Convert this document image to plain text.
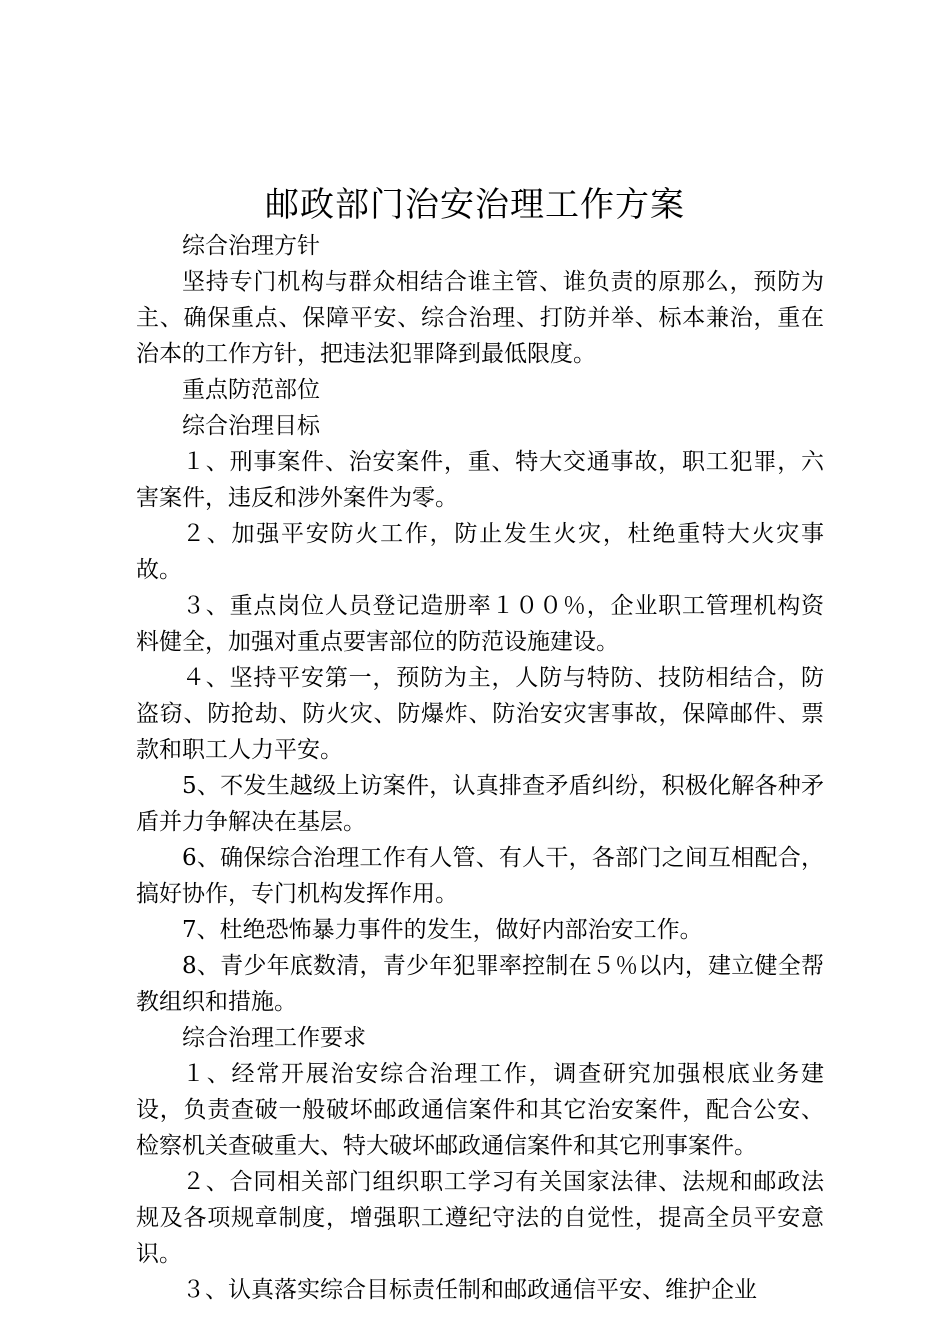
邮政部门治安治理工作方案

综合治理方针

坚持专门机构与群众相结合谁主管、谁负责的原那么，预防为主、确保重点、保障平安、综合治理、打防并举、标本兼治，重在治本的工作方针，把违法犯罪降到最低限度。

重点防范部位

综合治理目标

１、刑事案件、治安案件，重、特大交通事故，职工犯罪，六害案件，违反和涉外案件为零。

２、加强平安防火工作，防止发生火灾，杜绝重特大火灾事故。

３、重点岗位人员登记造册率１００％，企业职工管理机构资料健全，加强对重点要害部位的防范设施建设。

４、坚持平安第一，预防为主，人防与特防、技防相结合，防盗窃、防抢劫、防火灾、防爆炸、防治安灾害事故，保障邮件、票款和职工人力平安。

5、不发生越级上访案件，认真排查矛盾纠纷，积极化解各种矛盾并力争解决在基层。

6、确保综合治理工作有人管、有人干，各部门之间互相配合，搞好协作，专门机构发挥作用。

7、杜绝恐怖暴力事件的发生，做好内部治安工作。

8、青少年底数清，青少年犯罪率控制在５％以内，建立健全帮教组织和措施。

综合治理工作要求

１、经常开展治安综合治理工作，调查研究加强根底业务建设，负责查破一般破坏邮政通信案件和其它治安案件，配合公安、检察机关查破重大、特大破坏邮政通信案件和其它刑事案件。

２、合同相关部门组织职工学习有关国家法律、法规和邮政法规及各项规章制度，增强职工遵纪守法的自觉性，提高全员平安意识。

３、认真落实综合目标责任制和邮政通信平安、维护企业
